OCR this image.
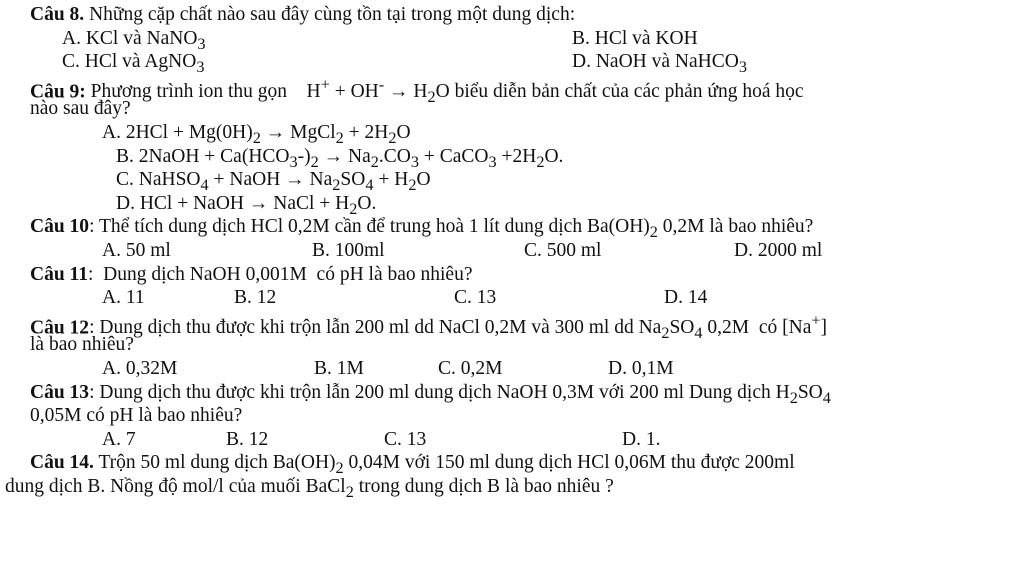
Câu 8. Những cặp chất nào sau đây cùng tồn tại trong một dung dịch:
A. KCl và NaNO$_3$	B. HCl và KOH
C. HCl và AgNO$_3$	D. NaOH và NaHCO$_3$
Câu 9: Phương trình ion thu gọn    $H^+ + OH^- \to H_2O$ biểu diễn bản chất của các phản ứng hoá học
nào sau đây?
A. $2HCl + Mg(0H)_2$ → MgCl$_2$ + $2H_2O$
B. 2NaOH + $Ca(HCO_3-)_2 \to Na_2.CO_3$ + CaCO$_3$ $+2H_2O$.
C. NaHSO$_4$ + NaOH → $Na_2SO_4 + H_2O$
D. HCl + NaOH → NaCl + $H_2O$.
Câu 10: Thể tích dung dịch HCl 0,2M cần để trung hoà 1 lít dung dịch $Ba(OH)_2$ 0,2M là bao nhiêu?
A. 50 ml	B. 100ml	C. 500 ml	D. 2000 ml
Câu 11:  Dung dịch NaOH 0,001M  có pH là bao nhiêu?
A. 11	B. 12	C. 13	D. 14
Câu 12: Dung dịch thu được khi trộn lẫn 200 ml dd NaCl 0,2M và 300 ml dd $Na_2SO_4$ 0,2M  có [Na+]
là bao nhiêu?
A. 0,32M	B. 1M	C. 0,2M	D. 0,1M
Câu 13: Dung dịch thu được khi trộn lẫn 200 ml dung dịch NaOH 0,3M với 200 ml Dung dịch $H_2SO_4$
0,05M có pH là bao nhiêu?
A. 7	B. 12	C. 13	D. 1.
Câu 14. Trộn 50 ml dung dịch $Ba(OH)_2$ 0,04M với 150 ml dung dịch HCl 0,06M thu được 200ml
dung dịch B. Nồng độ mol/l của muối BaCl$_2$ trong dung dịch B là bao nhiêu ?
